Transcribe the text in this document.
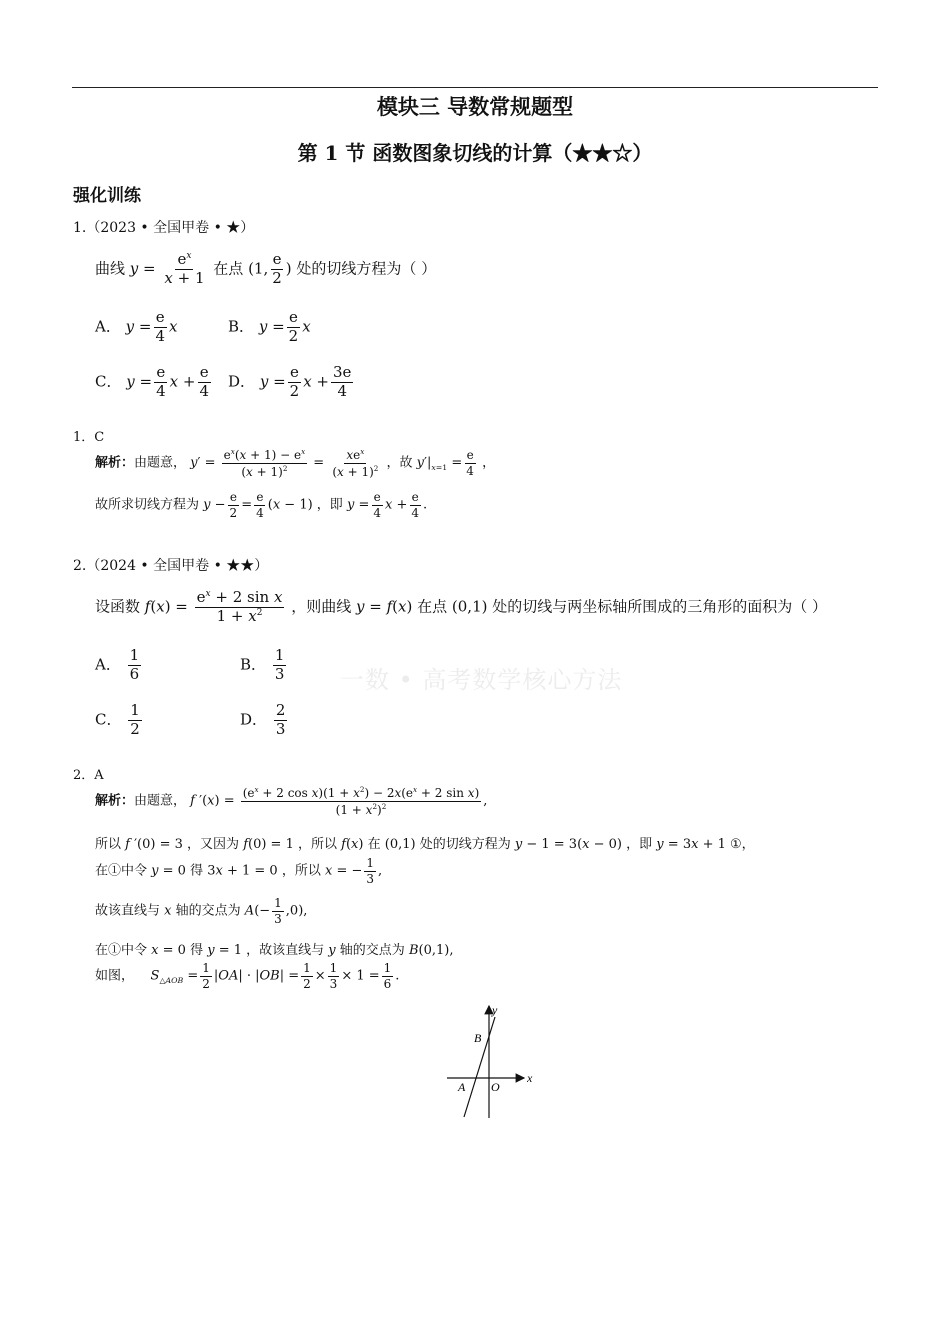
模块三 导数常规题型
第 1 节 函数图象切线的计算（★★☆）
强化训练
一数 • 高考数学核心方法
1.（2023 • 全国甲卷 • ★）
曲线 $y = \frac{e^x}{x + 1}$ 在点 (1, $\frac{e}{2}$ ) 处的切线方程为（ ）
A． $y = \frac{e}{4}$ x	B． $y = \frac{e}{2}$ x
C． $y = \frac{e}{4}$ $x + \frac{e}{4}$ D． $y = \frac{e}{2}$ $x + \frac{3e}{4}$
1．C
解析：由题意， $y' = \frac{e^x(x + 1) - e^x}{(x + 1)^2} = \frac{xe^x}{(x + 1)^2}$ ，故 $y'|_{x=1} = \frac{e}{4}$ ，
故所求切线方程为 $y - \frac{e}{2} = \frac{e}{4} (x - 1)$ ，即 $y = \frac{e}{4}$ $x + \frac{e}{4}$ .
2.（2024 • 全国甲卷 • ★★）
设函数 $f(x) = \frac{e^x + 2 \sin x}{1 + x^2}$ ，则曲线 y = f(x) 在点 (0,1) 处的切线与两坐标轴所围成的三角形的面积为（ ）
A． $\frac{1}{6}$	B． $\frac{1}{3}$
C． $\frac{1}{2}$	D． $\frac{2}{3}$
2．A
解析：由题意， f $'(x) = \frac{(e^x + 2 \cos x)(1 + x^2) - 2x(e^x + 2 \sin x)}{(1 + x^2)^2}$ ,
所以 f ′(0) = 3 ，又因为 f(0) = 1 ，所以 f(x) 在 (0,1) 处的切线方程为 y − 1 = 3(x − 0) ，即 y = 3x + 1 ①，
在①中令 y = 0 得 3x + 1 = 0 ，所以 x = − $\frac{1}{3}$ ,
故该直线与 x 轴的交点为 $A(- \frac{1}{3} ,0)$,
在①中令 x = 0 得 y = 1 ，故该直线与 y 轴的交点为 B(0,1),
如图， $S_{\triangle AOB} = \frac{1}{2} |OA| \cdot |OB| = \frac{1}{2} \times \frac{1}{3} \times 1 = \frac{1}{6}$ .
x
y
B
A O
